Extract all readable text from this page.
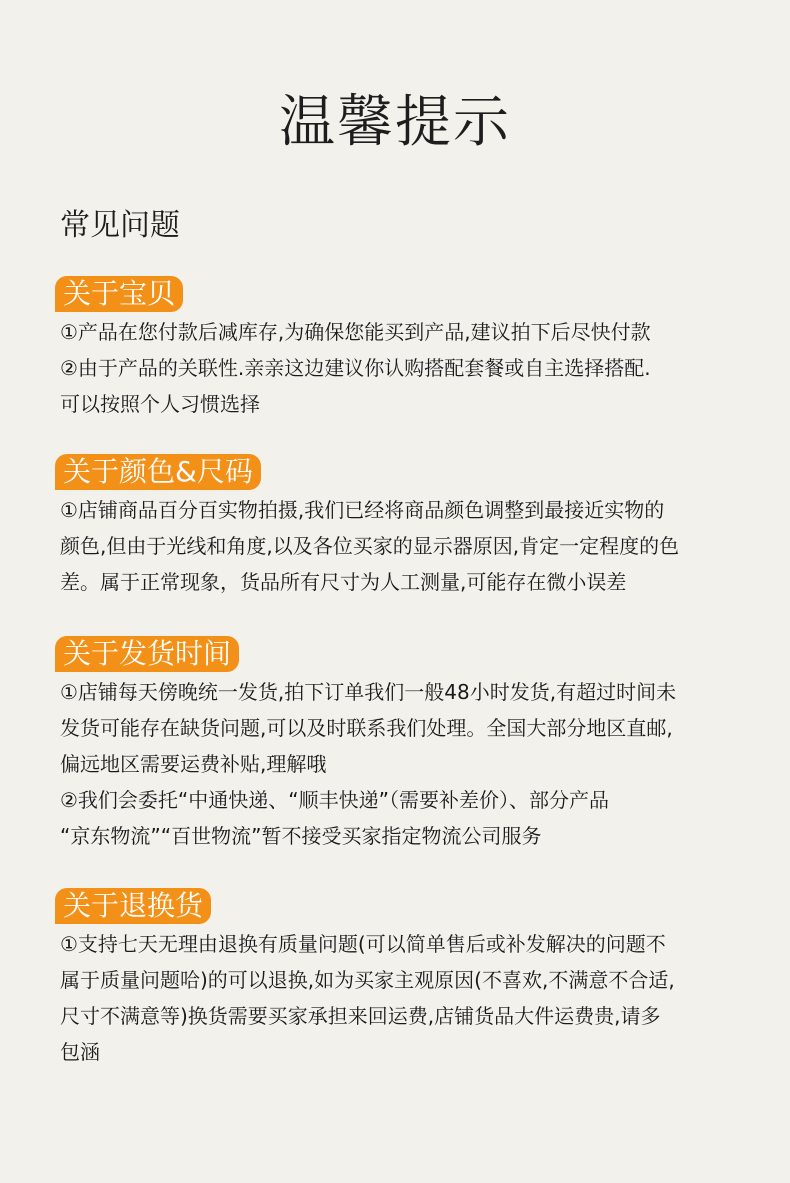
温馨提示
常见问题
关于宝贝
①产品在您付款后减库存,为确保您能买到产品,建议拍下后尽快付款
②由于产品的关联性.亲亲这边建议你认购搭配套餐或自主选择搭配.
可以按照个人习惯选择
关于颜色&尺码
①店铺商品百分百实物拍摄,我们已经将商品颜色调整到最接近实物的
颜色,但由于光线和角度,以及各位买家的显示器原因,肯定一定程度的色
差。属于正常现象，货品所有尺寸为人工测量,可能存在微小误差
关于发货时间
①店铺每天傍晚统一发货,拍下订单我们一般48小时发货,有超过时间未
发货可能存在缺货问题,可以及时联系我们处理。全国大部分地区直邮,
偏远地区需要运费补贴,理解哦
②我们会委托“中通快递、“顺丰快递”（需要补差价）、部分产品
“京东物流”“百世物流”暂不接受买家指定物流公司服务
关于退换货
①支持七天无理由退换有质量问题(可以简单售后或补发解决的问题不
属于质量问题哈)的可以退换,如为买家主观原因(不喜欢,不满意不合适,
尺寸不满意等)换货需要买家承担来回运费,店铺货品大件运费贵,请多
包涵
